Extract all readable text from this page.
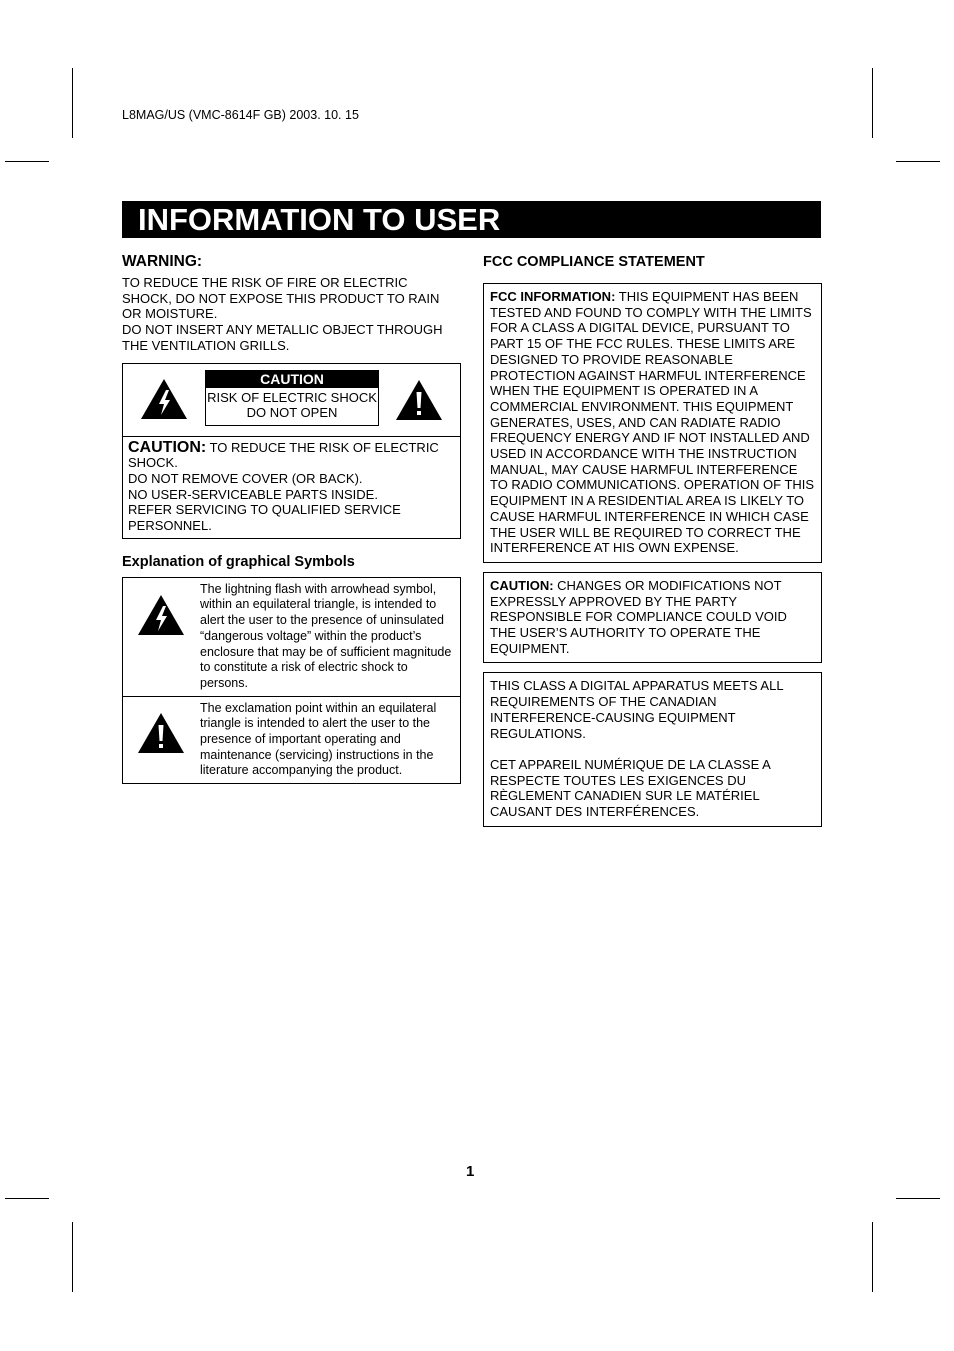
L8MAG/US (VMC-8614F GB) 2003. 10. 15
INFORMATION TO USER
WARNING:

TO REDUCE THE RISK OF FIRE OR ELECTRIC
SHOCK, DO NOT EXPOSE THIS PRODUCT TO RAIN
OR MOISTURE.
DO NOT INSERT ANY METALLIC OBJECT THROUGH
THE VENTILATION GRILLS.

CAUTION
RISK OF ELECTRIC SHOCK
DO NOT OPEN
CAUTION: TO REDUCE THE RISK OF ELECTRIC
SHOCK.
DO NOT REMOVE COVER (OR BACK).
NO USER-SERVICEABLE PARTS INSIDE.
REFER SERVICING TO QUALIFIED SERVICE
PERSONNEL.
Explanation of graphical Symbols
The lightning flash with arrowhead symbol, within an equilateral triangle, is intended to alert the user to the presence of uninsulated “dangerous voltage” within the product’s enclosure that may be of sufficient magnitude to constitute a risk of electric shock to persons.
The exclamation point within an equilateral triangle is intended to alert the user to the presence of important operating and maintenance (servicing) instructions in the literature accompanying the product.
FCC COMPLIANCE STATEMENT
FCC INFORMATION: THIS EQUIPMENT HAS BEEN TESTED AND FOUND TO COMPLY WITH THE LIMITS FOR A CLASS A DIGITAL DEVICE, PURSUANT TO PART 15 OF THE FCC RULES. THESE LIMITS ARE DESIGNED TO PROVIDE REASONABLE PROTECTION AGAINST HARMFUL INTERFERENCE WHEN THE EQUIPMENT IS OPERATED IN A COMMERCIAL ENVIRONMENT. THIS EQUIPMENT GENERATES, USES, AND CAN RADIATE RADIO FREQUENCY ENERGY AND IF NOT INSTALLED AND USED IN ACCORDANCE WITH THE INSTRUCTION MANUAL, MAY CAUSE HARMFUL INTERFERENCE TO RADIO COMMUNICATIONS. OPERATION OF THIS EQUIPMENT IN A RESIDENTIAL AREA IS LIKELY TO CAUSE HARMFUL INTERFERENCE IN WHICH CASE THE USER WILL BE REQUIRED TO CORRECT THE INTERFERENCE AT HIS OWN EXPENSE.
CAUTION: CHANGES OR MODIFICATIONS NOT EXPRESSLY APPROVED BY THE PARTY RESPONSIBLE FOR COMPLIANCE COULD VOID THE USER’S AUTHORITY TO OPERATE THE EQUIPMENT.
THIS CLASS A DIGITAL APPARATUS MEETS ALL REQUIREMENTS OF THE CANADIAN INTERFERENCE-CAUSING EQUIPMENT REGULATIONS.
CET APPAREIL NUMÉRIQUE DE LA CLASSE A RESPECTE TOUTES LES EXIGENCES DU RÈGLEMENT CANADIEN SUR LE MATÉRIEL CAUSANT DES INTERFÉRENCES.
1
